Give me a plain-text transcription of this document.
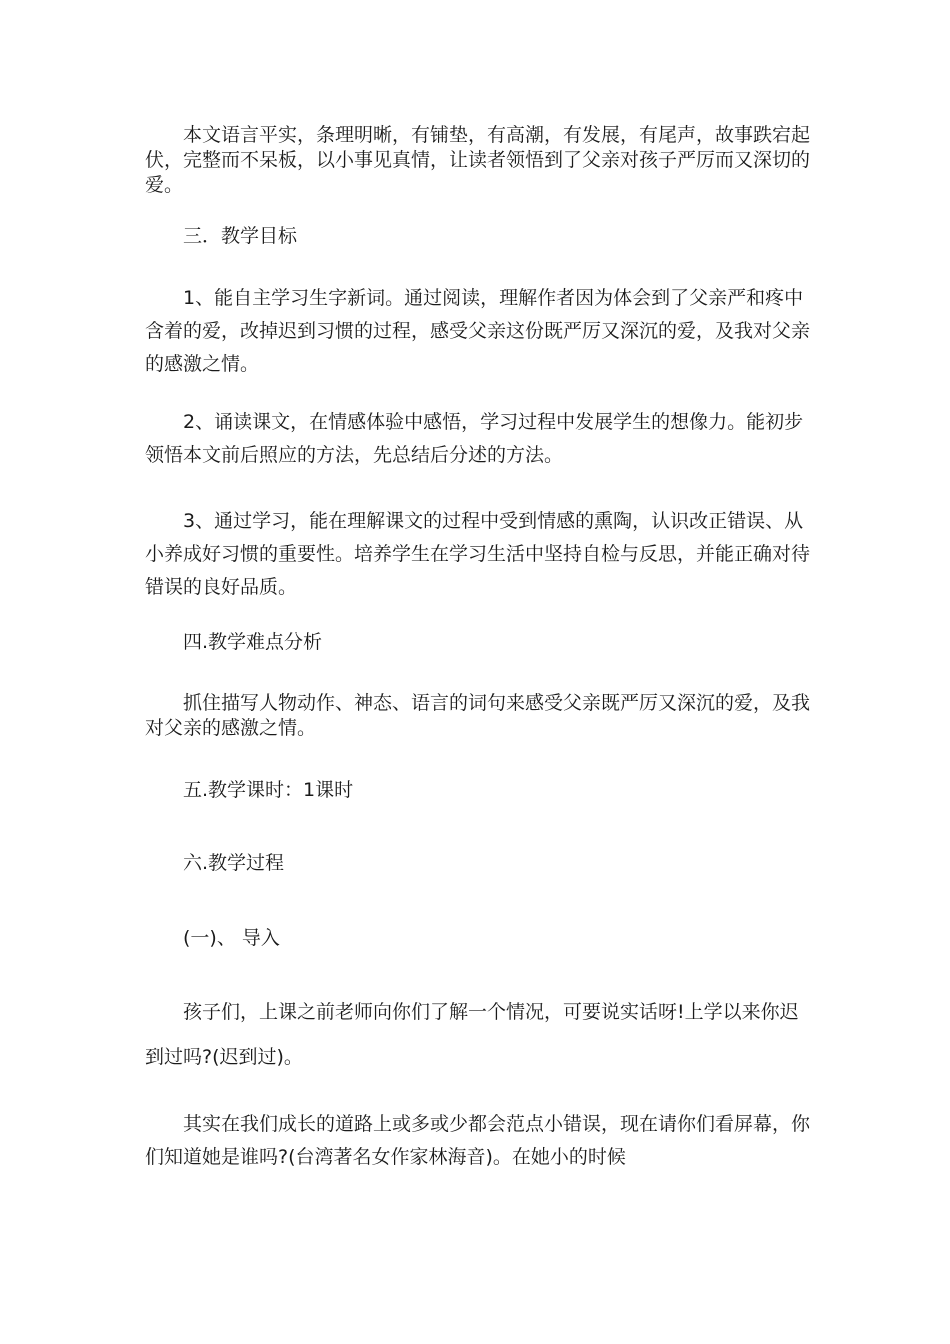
本文语言平实，条理明晰，有铺垫，有高潮，有发展，有尾声，故事跌宕起伏，完整而不呆板，以小事见真情，让读者领悟到了父亲对孩子严厉而又深切的爱。

三．教学目标

1、能自主学习生字新词。通过阅读，理解作者因为体会到了父亲严和疼中含着的爱，改掉迟到习惯的过程，感受父亲这份既严厉又深沉的爱，及我对父亲的感激之情。

2、诵读课文，在情感体验中感悟，学习过程中发展学生的想像力。能初步领悟本文前后照应的方法，先总结后分述的方法。

3、通过学习，能在理解课文的过程中受到情感的熏陶，认识改正错误、从小养成好习惯的重要性。培养学生在学习生活中坚持自检与反思，并能正确对待错误的良好品质。

四.教学难点分析

抓住描写人物动作、神态、语言的词句来感受父亲既严厉又深沉的爱，及我对父亲的感激之情。

五.教学课时：1课时

六.教学过程

(一)、 导入

孩子们，上课之前老师向你们了解一个情况，可要说实话呀!上学以来你迟到过吗?(迟到过)。

其实在我们成长的道路上或多或少都会范点小错误，现在请你们看屏幕，你们知道她是谁吗?(台湾著名女作家林海音)。在她小的时候
